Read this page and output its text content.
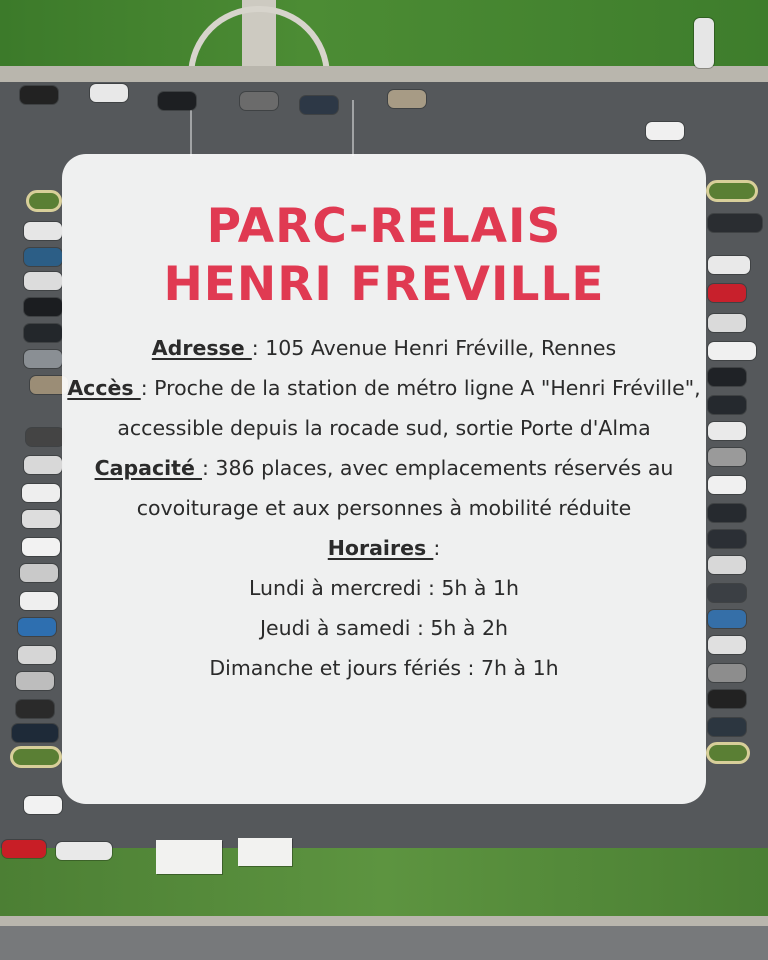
PARC-RELAIS
HENRI FREVILLE

Adresse : 105 Avenue Henri Fréville, Rennes

Accès : Proche de la station de métro ligne A "Henri Fréville", accessible depuis la rocade sud, sortie Porte d'Alma

Capacité : 386 places, avec emplacements réservés au covoiturage et aux personnes à mobilité réduite

Horaires :

Lundi à mercredi : 5h à 1h

Jeudi à samedi : 5h à 2h

Dimanche et jours fériés : 7h à 1h
